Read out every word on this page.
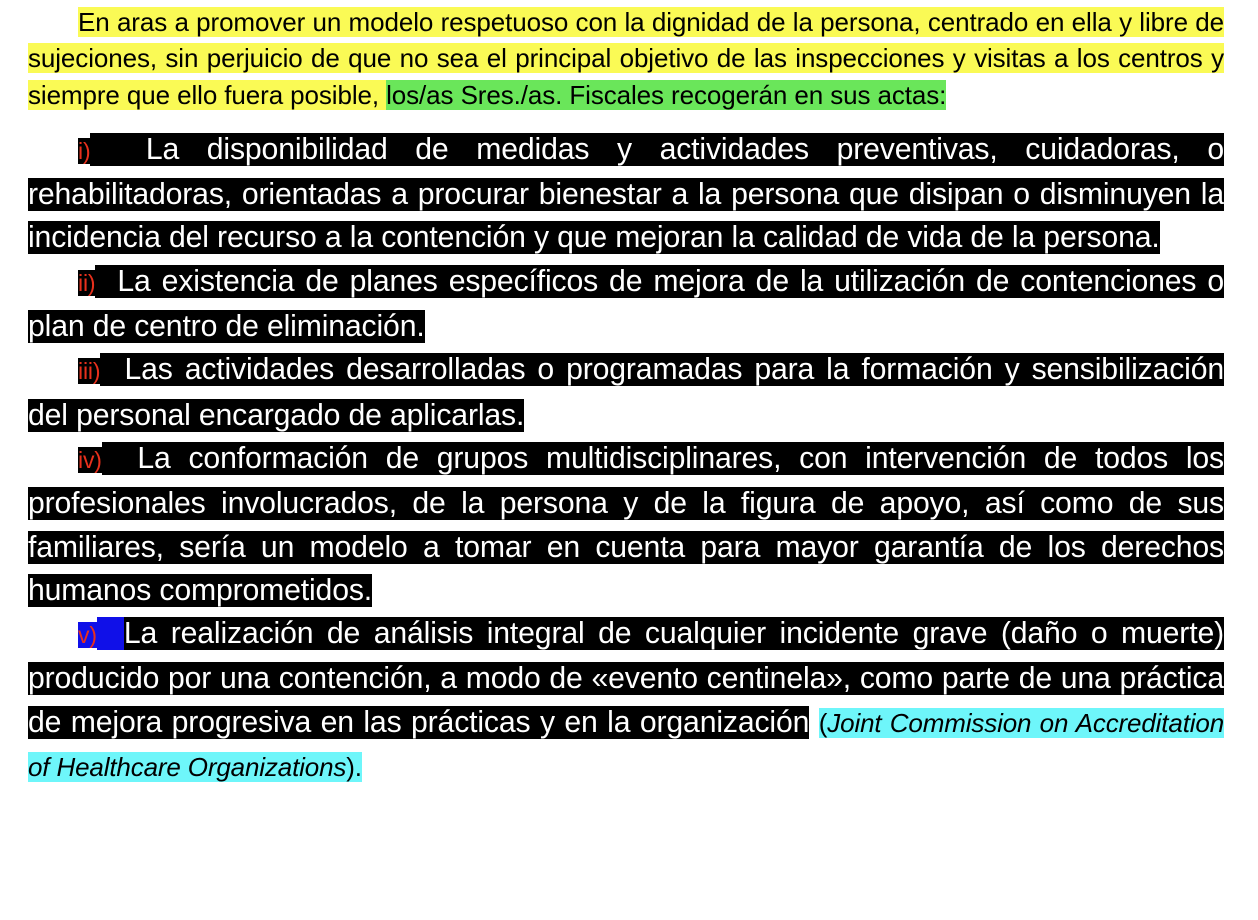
En aras a promover un modelo respetuoso con la dignidad de la persona, centrado en ella y libre de sujeciones, sin perjuicio de que no sea el principal objetivo de las inspecciones y visitas a los centros y siempre que ello fuera posible, los/as Sres./as. Fiscales recogerán en sus actas:

i) La disponibilidad de medidas y actividades preventivas, cuidadoras, o rehabilitadoras, orientadas a procurar bienestar a la persona que disipan o disminuyen la incidencia del recurso a la contención y que mejoran la calidad de vida de la persona.

ii) La existencia de planes específicos de mejora de la utilización de contenciones o plan de centro de eliminación.

iii) Las actividades desarrolladas o programadas para la formación y sensibilización del personal encargado de aplicarlas.

iv) La conformación de grupos multidisciplinares, con intervención de todos los profesionales involucrados, de la persona y de la figura de apoyo, así como de sus familiares, sería un modelo a tomar en cuenta para mayor garantía de los derechos humanos comprometidos.

v) La realización de análisis integral de cualquier incidente grave (daño o muerte) producido por una contención, a modo de «evento centinela», como parte de una práctica de mejora progresiva en las prácticas y en la organización (Joint Commission on Accreditation of Healthcare Organizations).
